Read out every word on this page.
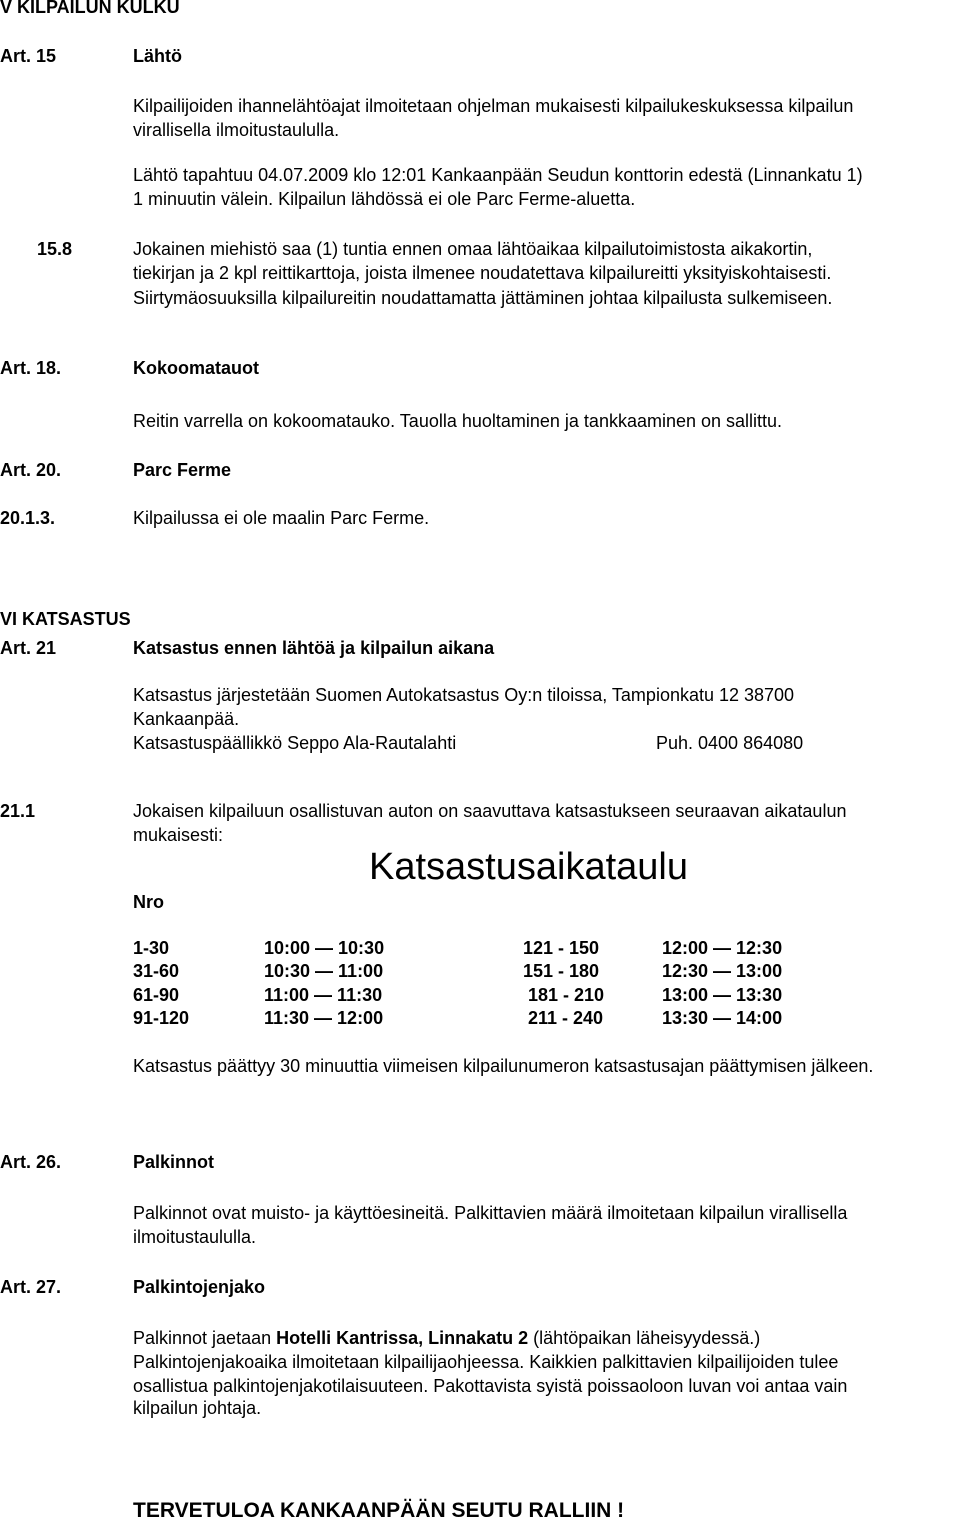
V KILPAILUN KULKU
Art. 15	Lähtö
Kilpailijoiden ihannelähtöajat ilmoitetaan ohjelman mukaisesti kilpailukeskuksessa kilpailun
virallisella ilmoitustaululla.
Lähtö tapahtuu 04.07.2009 klo 12:01 Kankaanpään Seudun konttorin edestä (Linnankatu 1)
1 minuutin välein. Kilpailun lähdössä ei ole Parc Ferme-aluetta.
15.8	Jokainen miehistö saa (1) tuntia ennen omaa lähtöaikaa kilpailutoimistosta aikakortin,
tiekirjan ja 2 kpl reittikarttoja, joista ilmenee noudatettava kilpailureitti yksityiskohtaisesti.
Siirtymäosuuksilla kilpailureitin noudattamatta jättäminen johtaa kilpailusta sulkemiseen.
Art. 18.	Kokoomatauot
Reitin varrella on kokoomatauko. Tauolla huoltaminen ja tankkaaminen on sallittu.
Art. 20.	Parc Ferme
20.1.3.	Kilpailussa ei ole maalin Parc Ferme.
VI KATSASTUS
Art. 21	Katsastus ennen lähtöä ja kilpailun aikana
Katsastus järjestetään Suomen Autokatsastus Oy:n tiloissa, Tampionkatu 12 38700
Kankaanpää.
Katsastuspäällikkö Seppo Ala-Rautalahti	Puh. 0400 864080
21.1	Jokaisen kilpailuun osallistuvan auton on saavuttava katsastukseen seuraavan aikataulun
mukaisesti:
Katsastusaikataulu
Nro
1-30	10:00 — 10:30	121 - 150	12:00 — 12:30
31-60	10:30 — 11:00	151 - 180	12:30 — 13:00
61-90	11:00 — 11:30	181 - 210	13:00 — 13:30
91-120	11:30 — 12:00	211 - 240	13:30 — 14:00
Katsastus päättyy 30 minuuttia viimeisen kilpailunumeron katsastusajan päättymisen jälkeen.
Art. 26.	Palkinnot
Palkinnot ovat muisto- ja käyttöesineitä. Palkittavien määrä ilmoitetaan kilpailun virallisella
ilmoitustaululla.
Art. 27.	Palkintojenjako
Palkinnot jaetaan Hotelli Kantrissa, Linnakatu 2 (lähtöpaikan läheisyydessä.)
Palkintojenjakoaika ilmoitetaan kilpailijaohjeessa. Kaikkien palkittavien kilpailijoiden tulee
osallistua palkintojenjakotilaisuuteen. Pakottavista syistä poissaoloon luvan voi antaa vain
kilpailun johtaja.
TERVETULOA KANKAANPÄÄN SEUTU RALLIIN !
